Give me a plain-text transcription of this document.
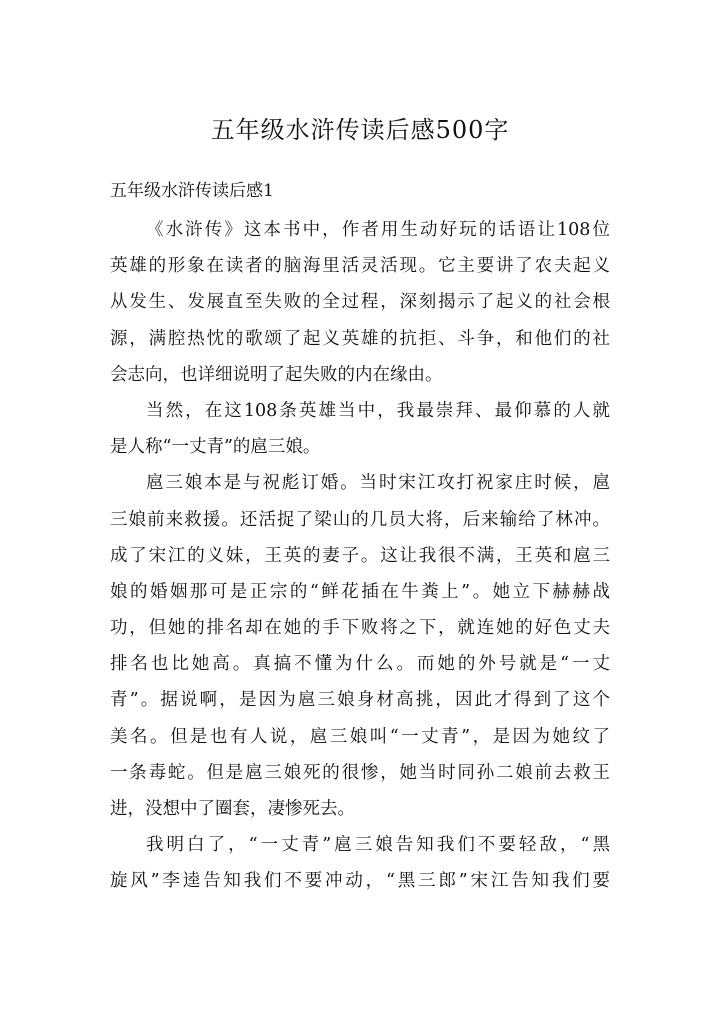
五年级水浒传读后感500字
五年级水浒传读后感1

《水浒传》这本书中，作者用生动好玩的话语让108位
英雄的形象在读者的脑海里活灵活现。它主要讲了农夫起义
从发生、发展直至失败的全过程，深刻揭示了起义的社会根
源，满腔热忱的歌颂了起义英雄的抗拒、斗争，和他们的社
会志向，也详细说明了起失败的内在缘由。

当然，在这108条英雄当中，我最崇拜、最仰慕的人就
是人称“一丈青”的扈三娘。

扈三娘本是与祝彪订婚。当时宋江攻打祝家庄时候，扈
三娘前来救援。还活捉了梁山的几员大将，后来输给了林冲。
成了宋江的义妹，王英的妻子。这让我很不满，王英和扈三
娘的婚姻那可是正宗的“鲜花插在牛粪上”。她立下赫赫战
功，但她的排名却在她的手下败将之下，就连她的好色丈夫
排名也比她高。真搞不懂为什么。而她的外号就是“一丈
青”。据说啊，是因为扈三娘身材高挑，因此才得到了这个
美名。但是也有人说，扈三娘叫“一丈青”，是因为她纹了
一条毒蛇。但是扈三娘死的很惨，她当时同孙二娘前去救王
进，没想中了圈套，凄惨死去。

我明白了，“一丈青”扈三娘告知我们不要轻敌，“黑
旋风”李逵告知我们不要冲动，“黑三郎”宋江告知我们要
